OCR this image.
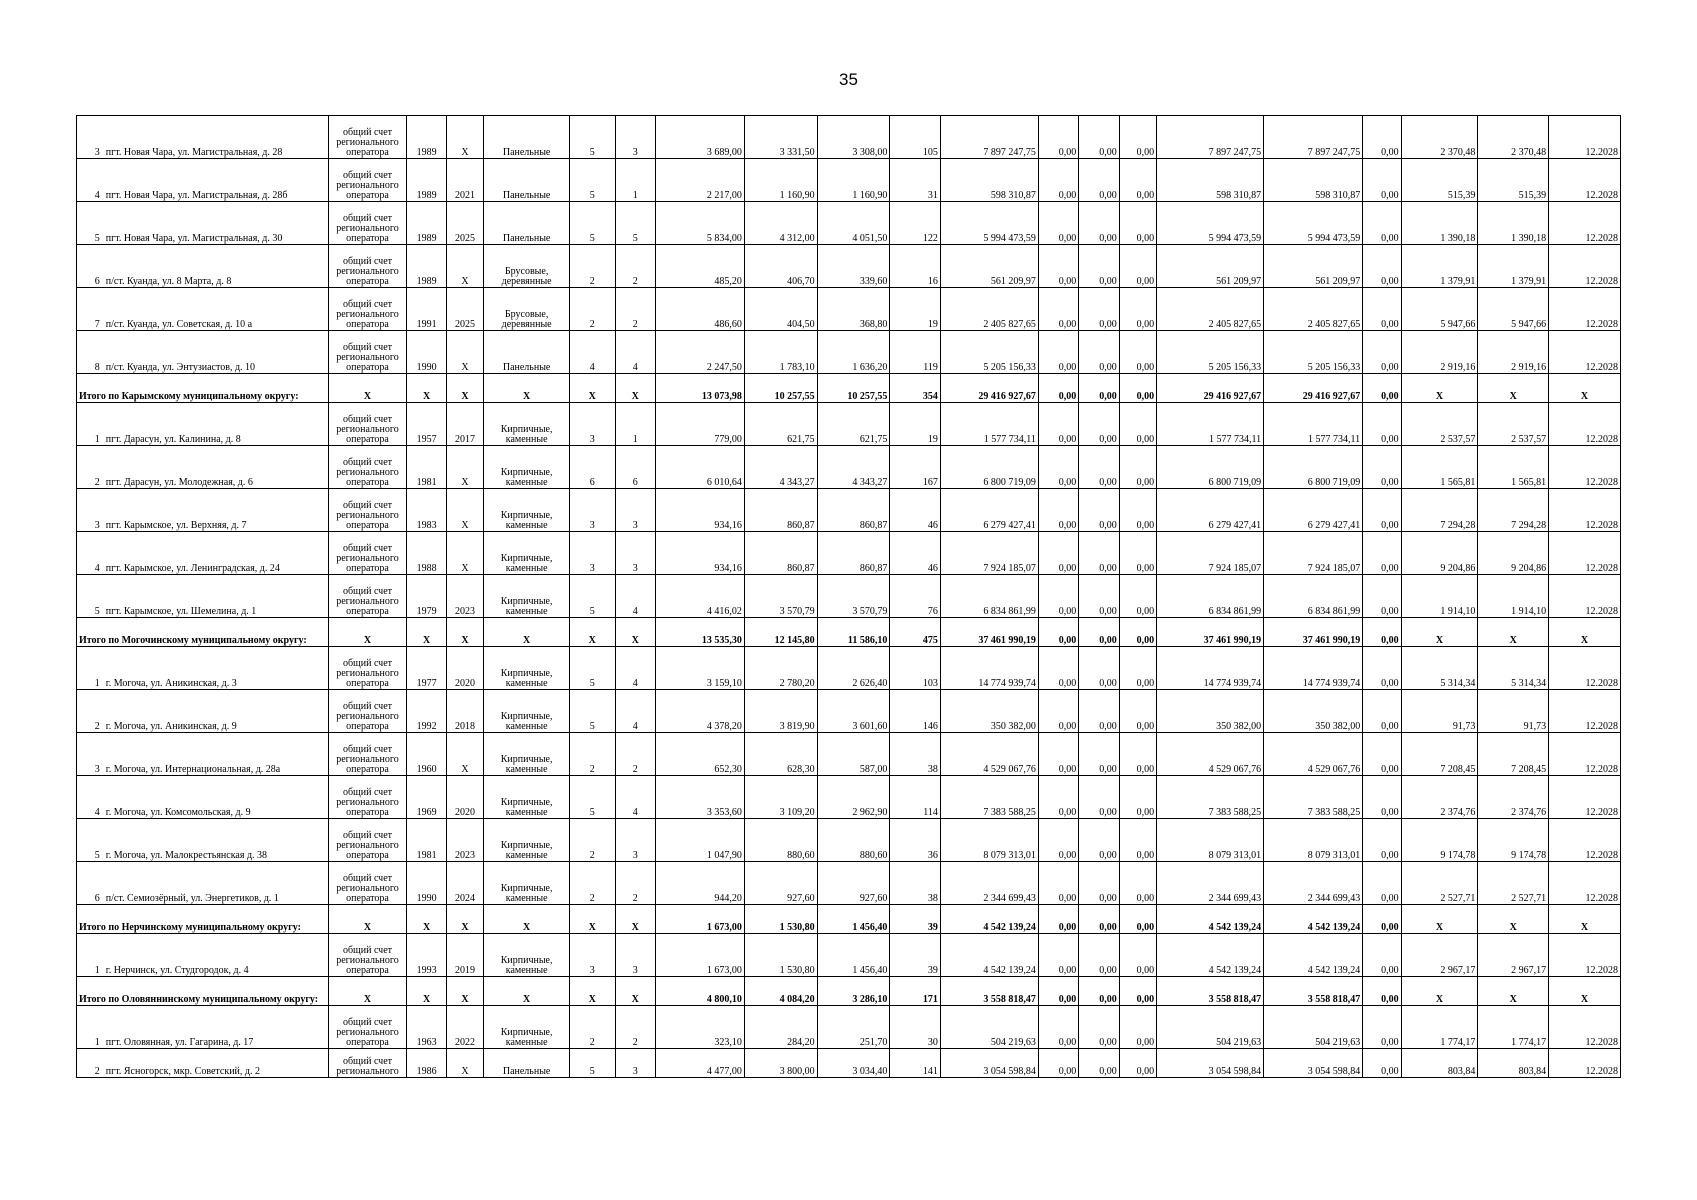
35
3	пгт. Новая Чара, ул. Магистральная, д. 28	общий счет регионального оператора	1989	X	Панельные	5	3	3 689,00	3 331,50	3 308,00	105	7 897 247,75	0,00	0,00	0,00	7 897 247,75	7 897 247,75	0,00	2 370,48	2 370,48	12.2028
4	пгт. Новая Чара, ул. Магистральная, д. 28б	общий счет регионального оператора	1989	2021	Панельные	5	1	2 217,00	1 160,90	1 160,90	31	598 310,87	0,00	0,00	0,00	598 310,87	598 310,87	0,00	515,39	515,39	12.2028
5	пгт. Новая Чара, ул. Магистральная, д. 30	общий счет регионального оператора	1989	2025	Панельные	5	5	5 834,00	4 312,00	4 051,50	122	5 994 473,59	0,00	0,00	0,00	5 994 473,59	5 994 473,59	0,00	1 390,18	1 390,18	12.2028
6	п/ст. Куанда, ул. 8 Марта, д. 8	общий счет регионального оператора	1989	X	Брусовые, деревянные	2	2	485,20	406,70	339,60	16	561 209,97	0,00	0,00	0,00	561 209,97	561 209,97	0,00	1 379,91	1 379,91	12.2028
7	п/ст. Куанда, ул. Советская, д. 10 а	общий счет регионального оператора	1991	2025	Брусовые, деревянные	2	2	486,60	404,50	368,80	19	2 405 827,65	0,00	0,00	0,00	2 405 827,65	2 405 827,65	0,00	5 947,66	5 947,66	12.2028
8	п/ст. Куанда, ул. Энтузиастов, д. 10	общий счет регионального оператора	1990	X	Панельные	4	4	2 247,50	1 783,10	1 636,20	119	5 205 156,33	0,00	0,00	0,00	5 205 156,33	5 205 156,33	0,00	2 919,16	2 919,16	12.2028
Итого по Карымскому муниципальному округу:		X	X	X	X	X	X	13 073,98	10 257,55	10 257,55	354	29 416 927,67	0,00	0,00	0,00	29 416 927,67	29 416 927,67	0,00	X	X	X
1	пгт. Дарасун, ул. Калинина, д. 8	общий счет регионального оператора	1957	2017	Кирпичные, каменные	3	1	779,00	621,75	621,75	19	1 577 734,11	0,00	0,00	0,00	1 577 734,11	1 577 734,11	0,00	2 537,57	2 537,57	12.2028
2	пгт. Дарасун, ул. Молодежная, д. 6	общий счет регионального оператора	1981	X	Кирпичные, каменные	6	6	6 010,64	4 343,27	4 343,27	167	6 800 719,09	0,00	0,00	0,00	6 800 719,09	6 800 719,09	0,00	1 565,81	1 565,81	12.2028
3	пгт. Карымское, ул. Верхняя, д. 7	общий счет регионального оператора	1983	X	Кирпичные, каменные	3	3	934,16	860,87	860,87	46	6 279 427,41	0,00	0,00	0,00	6 279 427,41	6 279 427,41	0,00	7 294,28	7 294,28	12.2028
4	пгт. Карымское, ул. Ленинградская, д. 24	общий счет регионального оператора	1988	X	Кирпичные, каменные	3	3	934,16	860,87	860,87	46	7 924 185,07	0,00	0,00	0,00	7 924 185,07	7 924 185,07	0,00	9 204,86	9 204,86	12.2028
5	пгт. Карымское, ул. Шемелина, д. 1	общий счет регионального оператора	1979	2023	Кирпичные, каменные	5	4	4 416,02	3 570,79	3 570,79	76	6 834 861,99	0,00	0,00	0,00	6 834 861,99	6 834 861,99	0,00	1 914,10	1 914,10	12.2028
Итого по Могочинскому муниципальному округу:		X	X	X	X	X	X	13 535,30	12 145,80	11 586,10	475	37 461 990,19	0,00	0,00	0,00	37 461 990,19	37 461 990,19	0,00	X	X	X
1	г. Могоча, ул. Аникинская, д. 3	общий счет регионального оператора	1977	2020	Кирпичные, каменные	5	4	3 159,10	2 780,20	2 626,40	103	14 774 939,74	0,00	0,00	0,00	14 774 939,74	14 774 939,74	0,00	5 314,34	5 314,34	12.2028
2	г. Могоча, ул. Аникинская, д. 9	общий счет регионального оператора	1992	2018	Кирпичные, каменные	5	4	4 378,20	3 819,90	3 601,60	146	350 382,00	0,00	0,00	0,00	350 382,00	350 382,00	0,00	91,73	91,73	12.2028
3	г. Могоча, ул. Интернациональная, д. 28а	общий счет регионального оператора	1960	X	Кирпичные, каменные	2	2	652,30	628,30	587,00	38	4 529 067,76	0,00	0,00	0,00	4 529 067,76	4 529 067,76	0,00	7 208,45	7 208,45	12.2028
4	г. Могоча, ул. Комсомольская, д. 9	общий счет регионального оператора	1969	2020	Кирпичные, каменные	5	4	3 353,60	3 109,20	2 962,90	114	7 383 588,25	0,00	0,00	0,00	7 383 588,25	7 383 588,25	0,00	2 374,76	2 374,76	12.2028
5	г. Могоча, ул. Малокрестьянская д. 38	общий счет регионального оператора	1981	2023	Кирпичные, каменные	2	3	1 047,90	880,60	880,60	36	8 079 313,01	0,00	0,00	0,00	8 079 313,01	8 079 313,01	0,00	9 174,78	9 174,78	12.2028
6	п/ст. Семиозёрный, ул. Энергетиков, д. 1	общий счет регионального оператора	1990	2024	Кирпичные, каменные	2	2	944,20	927,60	927,60	38	2 344 699,43	0,00	0,00	0,00	2 344 699,43	2 344 699,43	0,00	2 527,71	2 527,71	12.2028
Итого по Нерчинскому муниципальному округу:		X	X	X	X	X	X	1 673,00	1 530,80	1 456,40	39	4 542 139,24	0,00	0,00	0,00	4 542 139,24	4 542 139,24	0,00	X	X	X
1	г. Нерчинск, ул. Студгородок, д. 4	общий счет регионального оператора	1993	2019	Кирпичные, каменные	3	3	1 673,00	1 530,80	1 456,40	39	4 542 139,24	0,00	0,00	0,00	4 542 139,24	4 542 139,24	0,00	2 967,17	2 967,17	12.2028
Итого по Оловяннинскому муниципальному округу:		X	X	X	X	X	X	4 800,10	4 084,20	3 286,10	171	3 558 818,47	0,00	0,00	0,00	3 558 818,47	3 558 818,47	0,00	X	X	X
1	пгт. Оловянная, ул. Гагарина, д. 17	общий счет регионального оператора	1963	2022	Кирпичные, каменные	2	2	323,10	284,20	251,70	30	504 219,63	0,00	0,00	0,00	504 219,63	504 219,63	0,00	1 774,17	1 774,17	12.2028
2	пгт. Ясногорск, мкр. Советский, д. 2	общий счет регионального	1986	X	Панельные	5	3	4 477,00	3 800,00	3 034,40	141	3 054 598,84	0,00	0,00	0,00	3 054 598,84	3 054 598,84	0,00	803,84	803,84	12.2028
